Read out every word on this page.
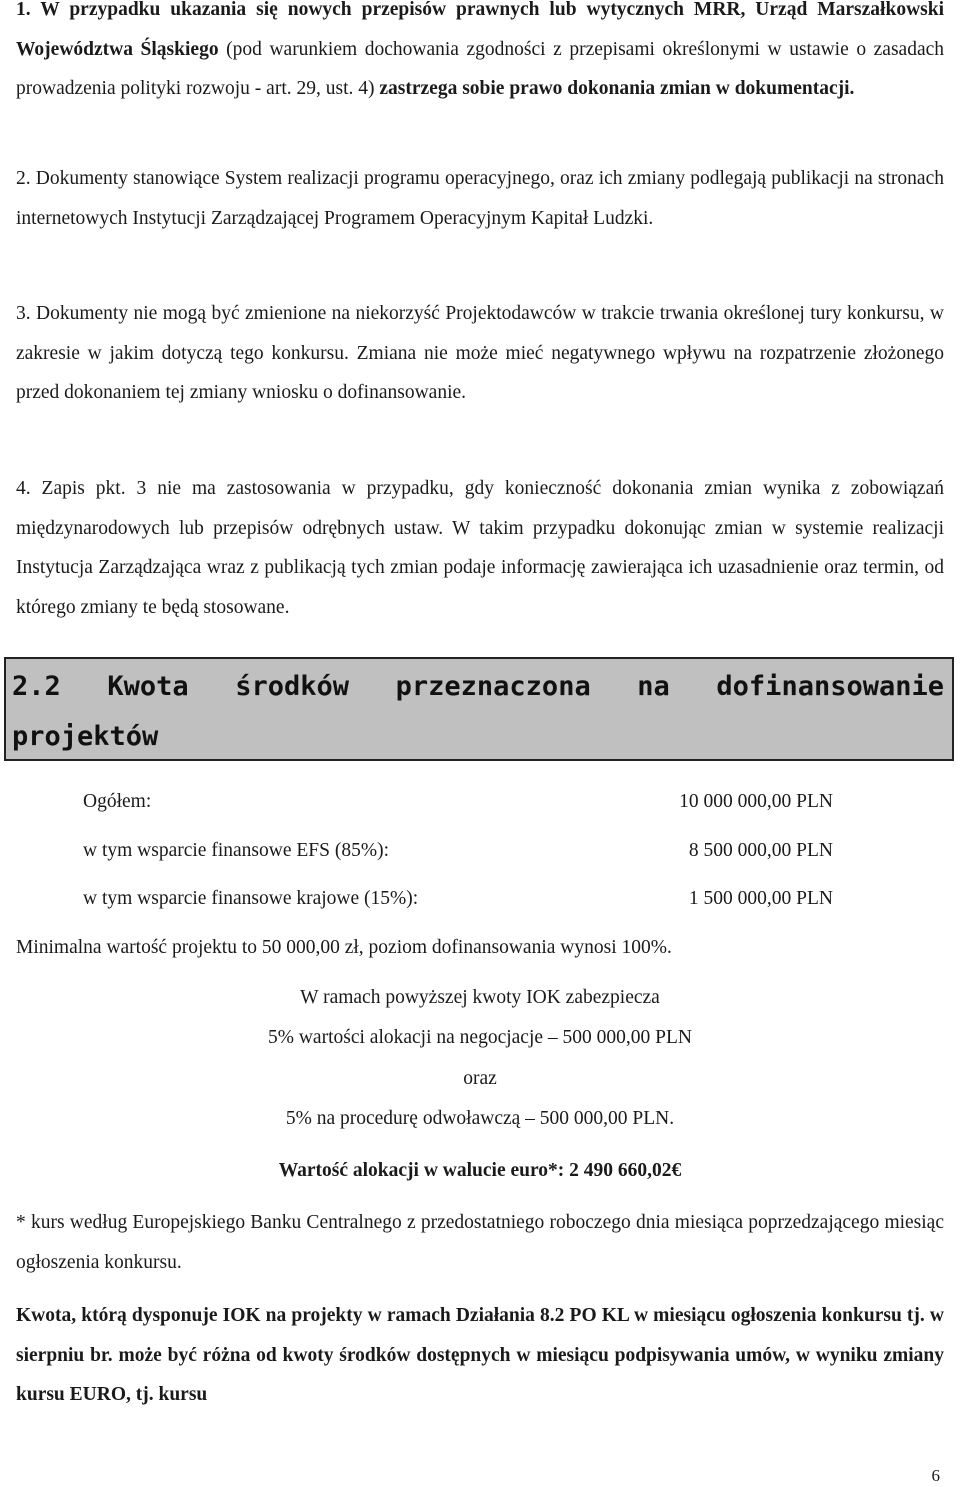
1. W przypadku ukazania się nowych przepisów prawnych lub wytycznych MRR, Urząd Marszałkowski Województwa Śląskiego (pod warunkiem dochowania zgodności z przepisami określonymi w ustawie o zasadach prowadzenia polityki rozwoju - art. 29, ust. 4) zastrzega sobie prawo dokonania zmian w dokumentacji.

2. Dokumenty stanowiące System realizacji programu operacyjnego, oraz ich zmiany podlegają publikacji na stronach internetowych Instytucji Zarządzającej Programem Operacyjnym Kapitał Ludzki.

3. Dokumenty nie mogą być zmienione na niekorzyść Projektodawców w trakcie trwania określonej tury konkursu, w zakresie w jakim dotyczą tego konkursu. Zmiana nie może mieć negatywnego wpływu na rozpatrzenie złożonego przed dokonaniem tej zmiany wniosku o dofinansowanie.

4. Zapis pkt. 3 nie ma zastosowania w przypadku, gdy konieczność dokonania zmian wynika z zobowiązań międzynarodowych lub przepisów odrębnych ustaw. W takim przypadku dokonując zmian w systemie realizacji Instytucja Zarządzająca wraz z publikacją tych zmian podaje informację zawierająca ich uzasadnienie oraz termin, od którego zmiany te będą stosowane.

2.2 Kwota środków przeznaczona na dofinansowanie projektów
Ogółem:	10 000 000,00 PLN
w tym wsparcie finansowe EFS (85%):	8 500 000,00 PLN
w tym wsparcie finansowe krajowe (15%):	1 500 000,00 PLN
Minimalna wartość projektu to 50 000,00 zł, poziom dofinansowania wynosi 100%.
W ramach powyższej kwoty IOK zabezpiecza
5% wartości alokacji na negocjacje – 500 000,00 PLN
oraz
5% na procedurę odwoławczą – 500 000,00 PLN.
Wartość alokacji w walucie euro*: 2 490 660,02€

* kurs według Europejskiego Banku Centralnego z przedostatniego roboczego dnia miesiąca poprzedzającego miesiąc ogłoszenia konkursu.

Kwota, którą dysponuje IOK na projekty w ramach Działania 8.2 PO KL w miesiącu ogłoszenia konkursu tj. w sierpniu br. może być różna od kwoty środków dostępnych w miesiącu podpisywania umów, w wyniku zmiany kursu EURO, tj. kursu

6
